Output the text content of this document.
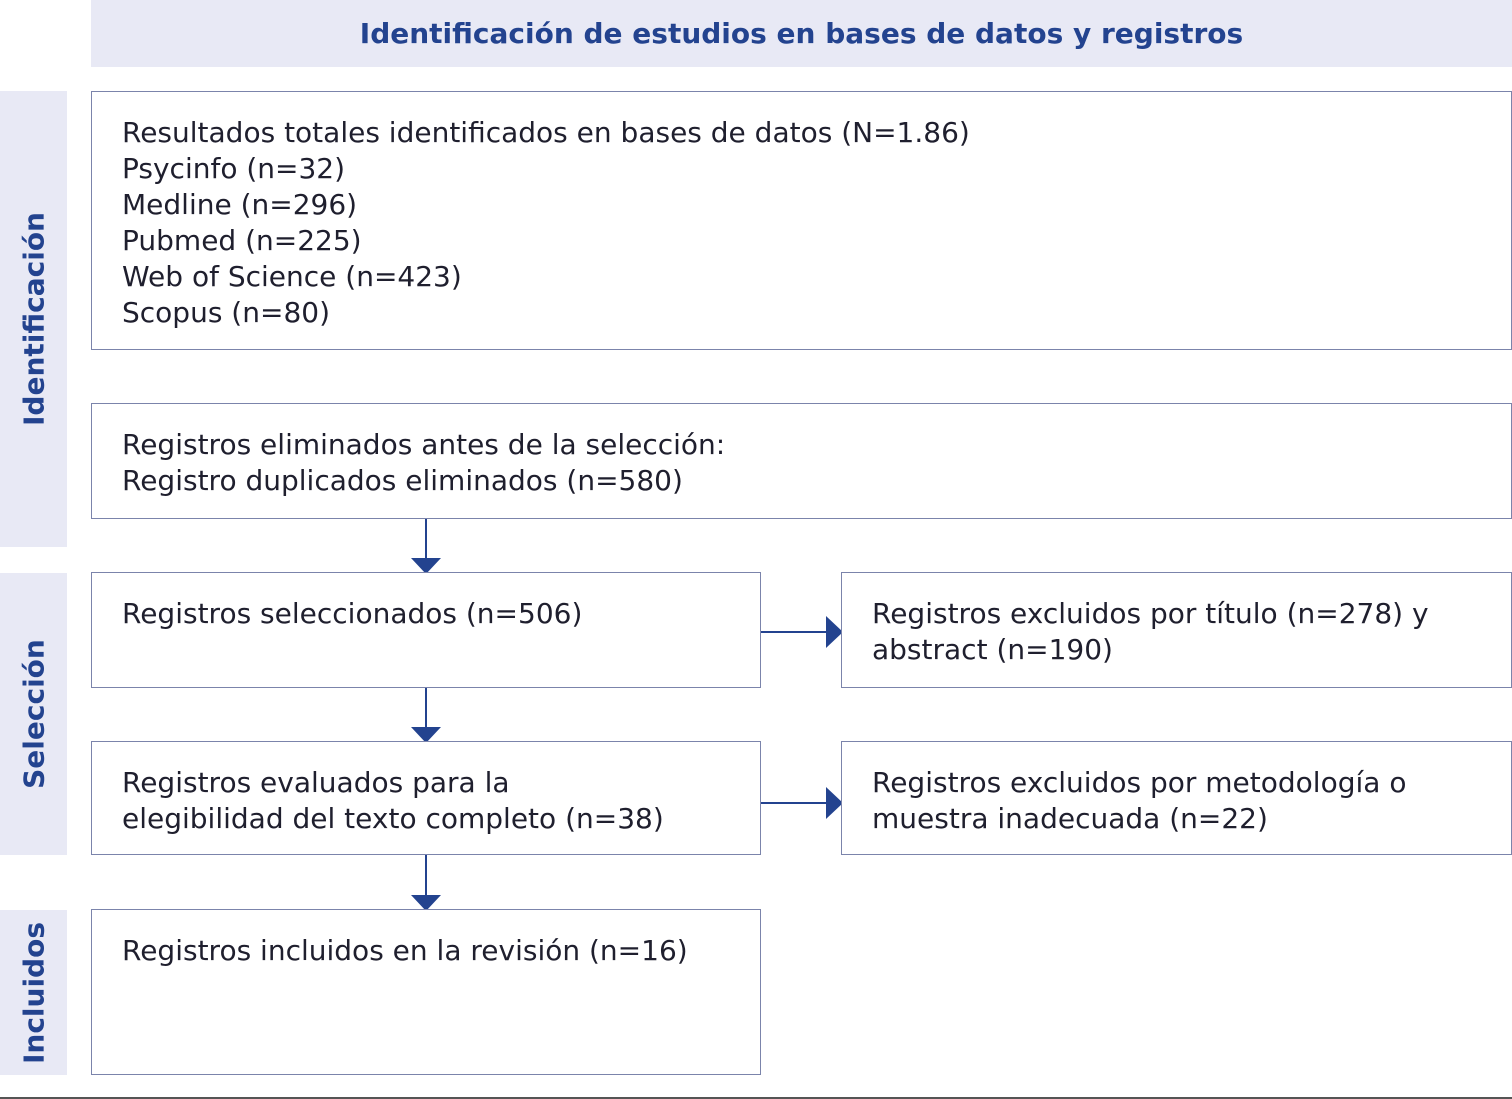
Identificación de estudios en bases de datos y registros
Identificación
Selección
Incluidos
Resultados totales identificados en bases de datos (N=1.86)
Psycinfo (n=32)
Medline (n=296)
Pubmed (n=225)
Web of Science (n=423)
Scopus (n=80)
Registros eliminados antes de la selección:
Registro duplicados eliminados (n=580)
Registros seleccionados (n=506)	Registros excluidos por título (n=278) y
abstract (n=190)
Registros evaluados para la
elegibilidad del texto completo (n=38)
Registros excluidos por metodología o
muestra inadecuada (n=22)
Registros incluidos en la revisión (n=16)
